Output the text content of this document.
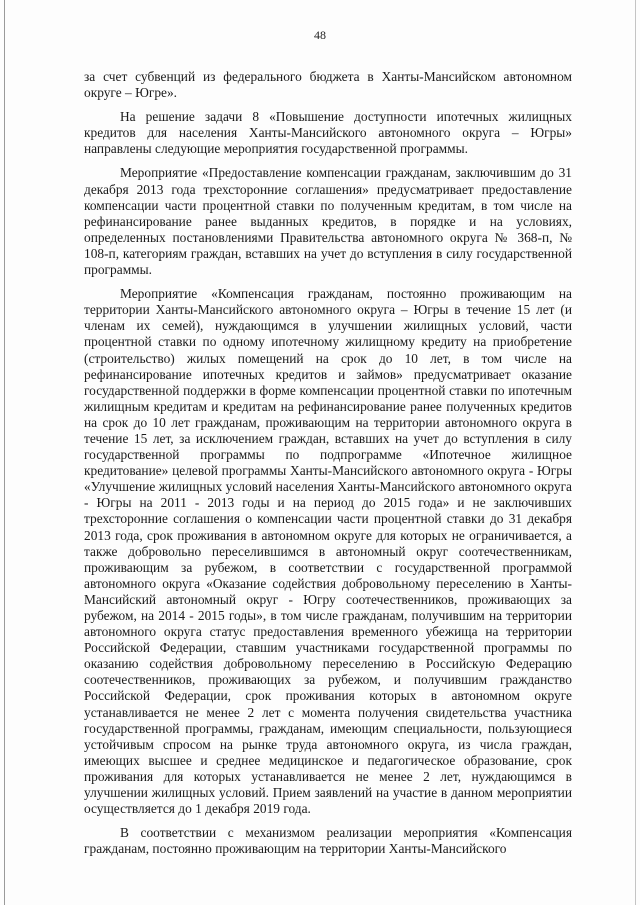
48

за счет субвенций из федерального бюджета в Ханты-Мансийском автономном округе – Югре».

На решение задачи 8 «Повышение доступности ипотечных жилищных кредитов для населения Ханты-Мансийского автономного округа – Югры» направлены следующие мероприятия государственной программы.

Мероприятие «Предоставление компенсации гражданам, заключившим до 31 декабря 2013 года трехсторонние соглашения» предусматривает предоставление компенсации части процентной ставки по полученным кредитам, в том числе на рефинансирование ранее выданных кредитов, в порядке и на условиях, определенных постановлениями Правительства автономного округа № 368-п, № 108-п, категориям граждан, вставших на учет до вступления в силу государственной программы.

Мероприятие «Компенсация гражданам, постоянно проживающим на территории Ханты-Мансийского автономного округа – Югры в течение 15 лет (и членам их семей), нуждающимся в улучшении жилищных условий, части процентной ставки по одному ипотечному жилищному кредиту на приобретение (строительство) жилых помещений на срок до 10 лет, в том числе на рефинансирование ипотечных кредитов и займов» предусматривает оказание государственной поддержки в форме компенсации процентной ставки по ипотечным жилищным кредитам и кредитам на рефинансирование ранее полученных кредитов на срок до 10 лет гражданам, проживающим на территории автономного округа в течение 15 лет, за исключением граждан, вставших на учет до вступления в силу государственной программы по подпрограмме «Ипотечное жилищное кредитование» целевой программы Ханты-Мансийского автономного округа - Югры «Улучшение жилищных условий населения Ханты-Мансийского автономного округа - Югры на 2011 - 2013 годы и на период до 2015 года» и не заключивших трехсторонние соглашения о компенсации части процентной ставки до 31 декабря 2013 года, срок проживания в автономном округе для которых не ограничивается, а также добровольно переселившимся в автономный округ соотечественникам, проживающим за рубежом, в соответствии с государственной программой автономного округа «Оказание содействия добровольному переселению в Ханты-Мансийский автономный округ - Югру соотечественников, проживающих за рубежом, на 2014 - 2015 годы», в том числе гражданам, получившим на территории автономного округа статус предоставления временного убежища на территории Российской Федерации, ставшим участниками государственной программы по оказанию содействия добровольному переселению в Российскую Федерацию соотечественников, проживающих за рубежом, и получившим гражданство Российской Федерации, срок проживания которых в автономном округе устанавливается не менее 2 лет с момента получения свидетельства участника государственной программы, гражданам, имеющим специальности, пользующиеся устойчивым спросом на рынке труда автономного округа, из числа граждан, имеющих высшее и среднее медицинское и педагогическое образование, срок проживания для которых устанавливается не менее 2 лет, нуждающимся в улучшении жилищных условий. Прием заявлений на участие в данном мероприятии осуществляется до 1 декабря 2019 года.

В соответствии с механизмом реализации мероприятия «Компенсация гражданам, постоянно проживающим на территории Ханты-Мансийского
